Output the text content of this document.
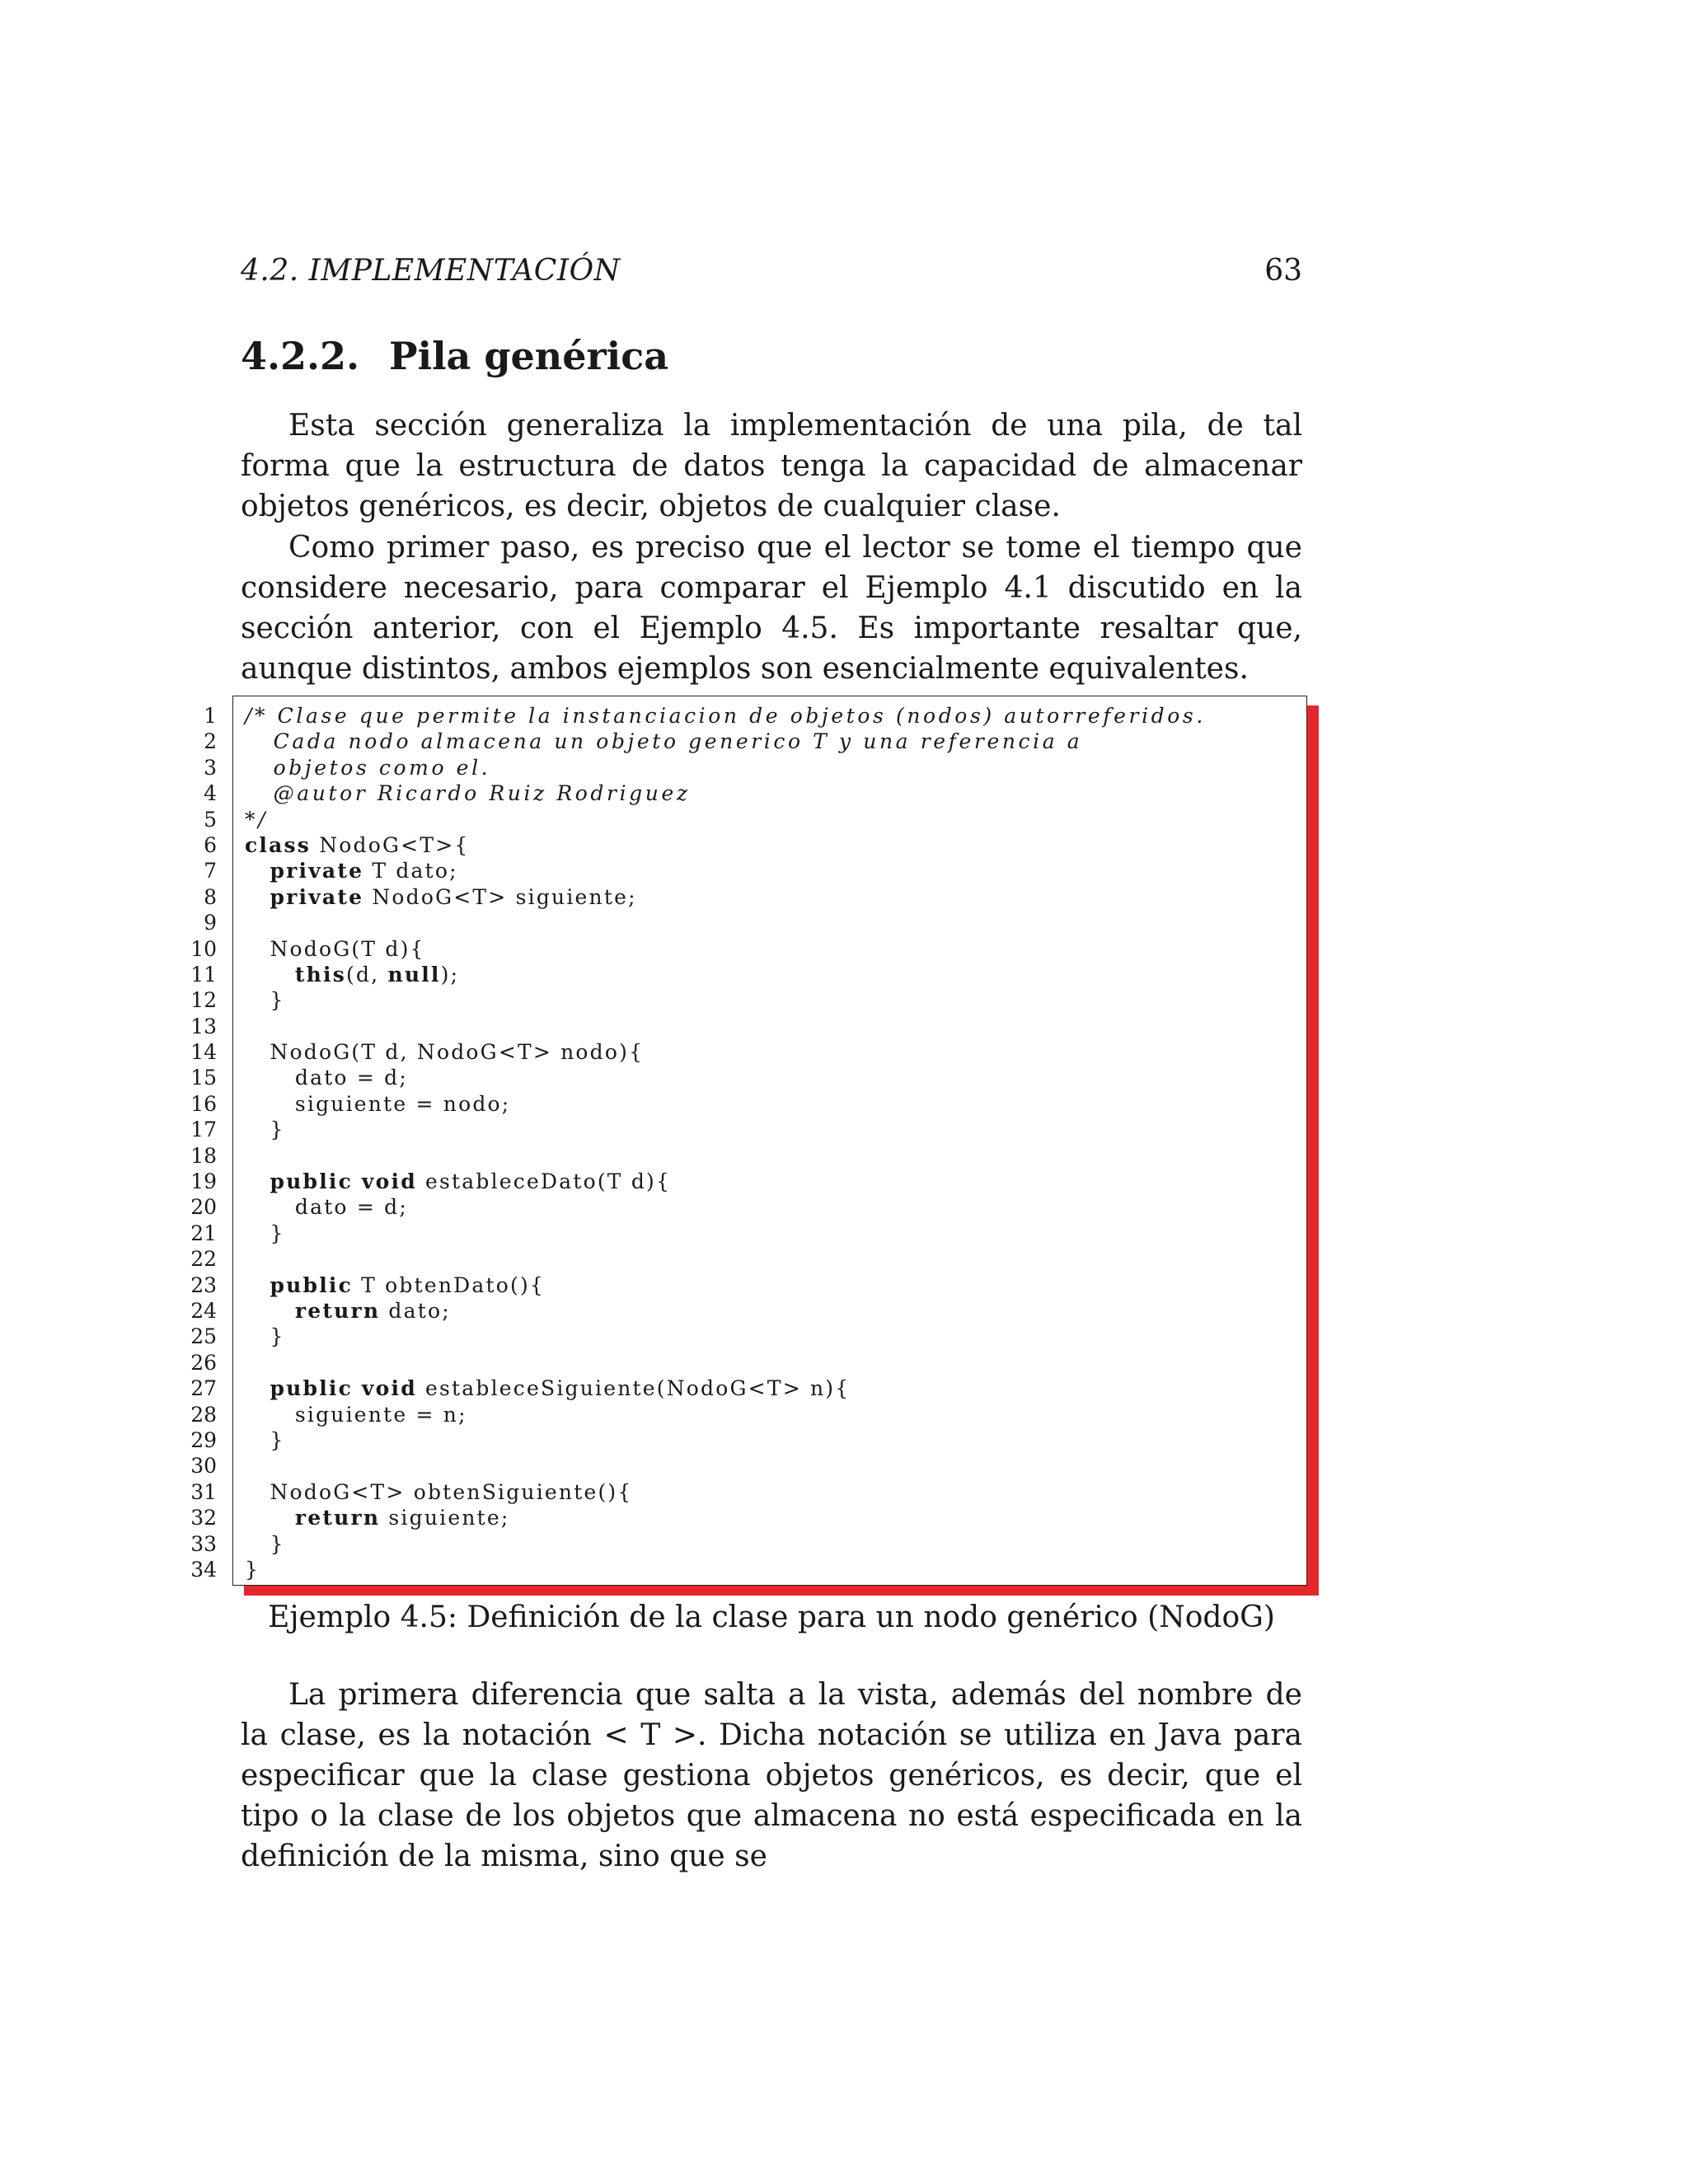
4.2. IMPLEMENTACIÓN	63
4.2.2. Pila genérica

Esta sección generaliza la implementación de una pila, de tal forma que la estructura de datos tenga la capacidad de almacenar objetos genéricos, es decir, objetos de cualquier clase.

Como primer paso, es preciso que el lector se tome el tiempo que considere necesario, para comparar el Ejemplo 4.1 discutido en la sección anterior, con el Ejemplo 4.5. Es importante resaltar que, aunque distintos, ambos ejemplos son esencialmente equivalentes.

1 /* Clase que permite la instanciacion de objetos (nodos) autorreferidos.
2 Cada nodo almacena un objeto generico T y una referencia a
3 objetos como el.
4 @autor Ricardo Ruiz Rodriguez
5 */
6 class NodoG<T>{
7	private T dato;
8	private NodoG<T> siguiente;
9
10 NodoG(T d){
11	this(d, null);
12 }
13
14 NodoG(T d, NodoG<T> nodo){
15 dato = d;
16 siguiente = nodo;
17 }
18
19	public void estableceDato(T d){
20 dato = d;
21 }
22
23	public T obtenDato(){
24	return dato;
25 }
26
27	public void estableceSiguiente(NodoG<T> n){
28 siguiente = n;
29 }
30
31 NodoG<T> obtenSiguiente(){
32	return siguiente;
33 }
34 }
Ejemplo 4.5: Definición de la clase para un nodo genérico (NodoG)

La primera diferencia que salta a la vista, además del nombre de la clase, es la notación < T >. Dicha notación se utiliza en Java para especificar que la clase gestiona objetos genéricos, es decir, que el tipo o la clase de los objetos que almacena no está especificada en la definición de la misma, sino que se
